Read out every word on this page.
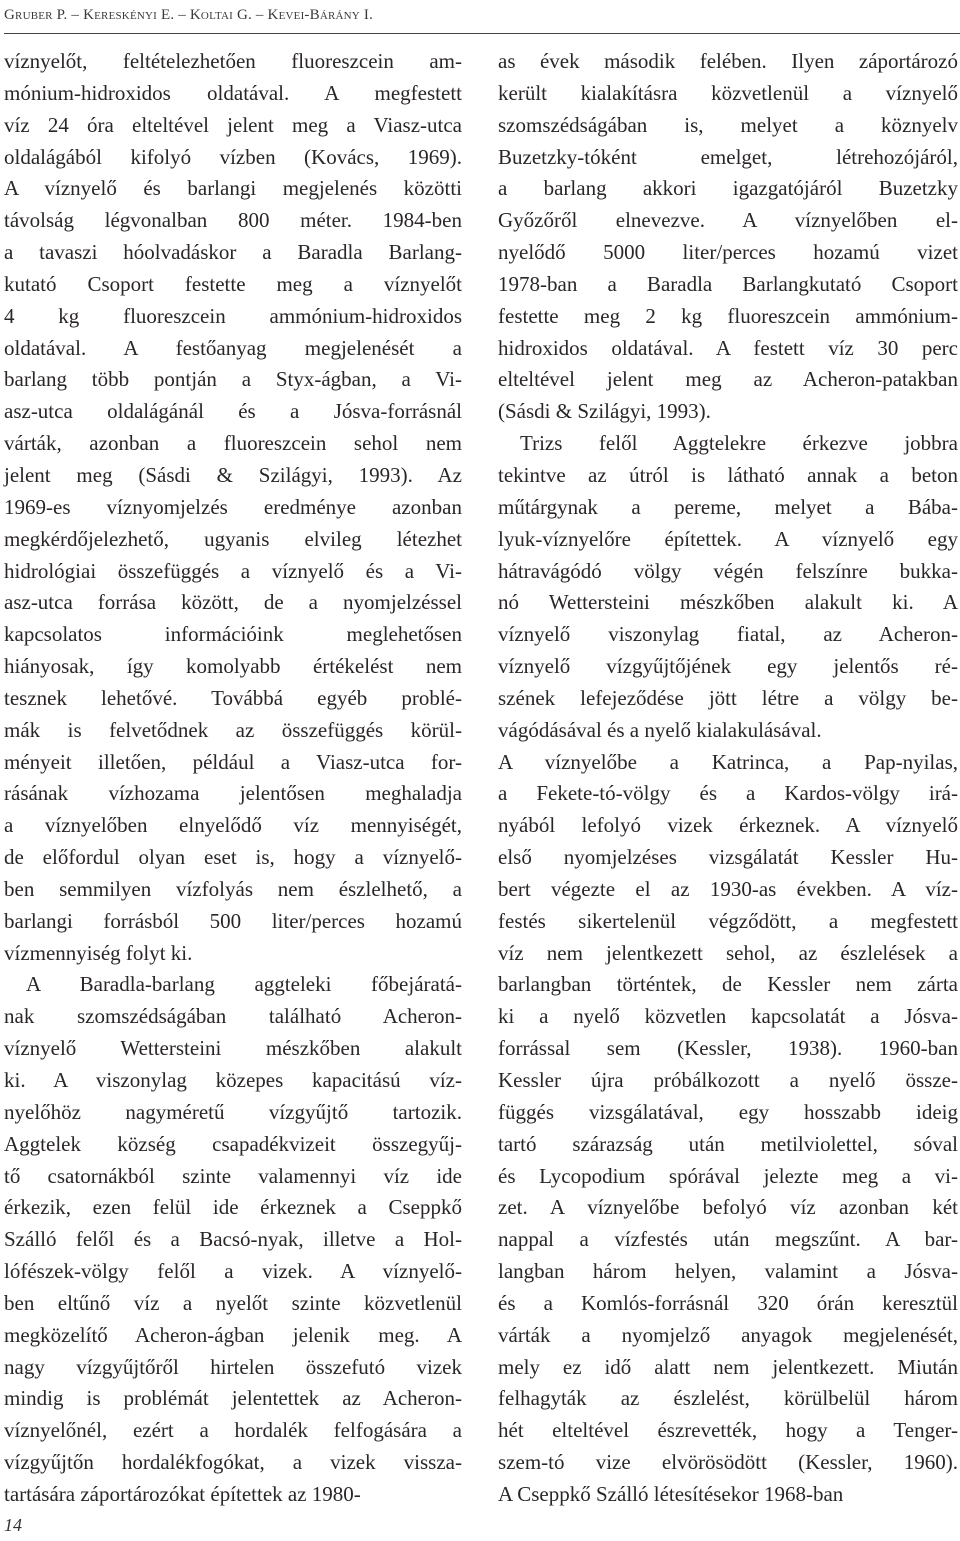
Gruber P. – Kereskényi E. – Koltai G. – Kevei-Bárány I.
víznyelőt, feltételezhetően fluoreszcein am-
mónium-hidroxidos oldatával. A megfestett
víz 24 óra elteltével jelent meg a Viasz-utca
oldalágából kifolyó vízben (Kovács, 1969).
A víznyelő és barlangi megjelenés közötti
távolság légvonalban 800 méter. 1984-ben
a tavaszi hóolvadáskor a Baradla Barlang-
kutató Csoport festette meg a víznyelőt
4 kg fluoreszcein ammónium-hidroxidos
oldatával. A festőanyag megjelenését a
barlang több pontján a Styx-ágban, a Vi-
asz-utca oldalágánál és a Jósva-forrásnál
várták, azonban a fluoreszcein sehol nem
jelent meg (Sásdi & Szilágyi, 1993). Az
1969-es víznyomjelzés eredménye azonban
megkérdőjelezhető, ugyanis elvileg létezhet
hidrológiai összefüggés a víznyelő és a Vi-
asz-utca forrása között, de a nyomjelzéssel
kapcsolatos információink meglehetősen
hiányosak, így komolyabb értékelést nem
tesznek lehetővé. Továbbá egyéb problé-
mák is felvetődnek az összefüggés körül-
ményeit illetően, például a Viasz-utca for-
rásának vízhozama jelentősen meghaladja
a víznyelőben elnyelődő víz mennyiségét,
de előfordul olyan eset is, hogy a víznyelő-
ben semmilyen vízfolyás nem észlelhető, a
barlangi forrásból 500 liter/perces hozamú
vízmennyiség folyt ki.
A Baradla-barlang aggteleki főbejáratá-
nak szomszédságában található Acheron-
víznyelő Wettersteini mészkőben alakult
ki. A viszonylag közepes kapacitású víz-
nyelőhöz nagyméretű vízgyűjtő tartozik.
Aggtelek község csapadékvizeit összegyűj-
tő csatornákból szinte valamennyi víz ide
érkezik, ezen felül ide érkeznek a Cseppkő
Szálló felől és a Bacsó-nyak, illetve a Hol-
lófészek-völgy felől a vizek. A víznyelő-
ben eltűnő víz a nyelőt szinte közvetlenül
megközelítő Acheron-ágban jelenik meg. A
nagy vízgyűjtőről hirtelen összefutó vizek
mindig is problémát jelentettek az Acheron-
víznyelőnél, ezért a hordalék felfogására a
vízgyűjtőn hordalékfogókat, a vizek vissza-
tartására záportározókat építettek az 1980-
as évek második felében. Ilyen záportározó
került kialakításra közvetlenül a víznyelő
szomszédságában is, melyet a köznyelv
Buzetzky-tóként emelget, létrehozójáról,
a barlang akkori igazgatójáról Buzetzky
Győzőről elnevezve. A víznyelőben el-
nyelődő 5000 liter/perces hozamú vizet
1978-ban a Baradla Barlangkutató Csoport
festette meg 2 kg fluoreszcein ammónium-
hidroxidos oldatával. A festett víz 30 perc
elteltével jelent meg az Acheron-patakban
(Sásdi & Szilágyi, 1993).
Trizs felől Aggtelekre érkezve jobbra
tekintve az útról is látható annak a beton
műtárgynak a pereme, melyet a Bába-
lyuk-víznyelőre építettek. A víznyelő egy
hátravágódó völgy végén felszínre bukka-
nó Wettersteini mészkőben alakult ki. A
víznyelő viszonylag fiatal, az Acheron-
víznyelő vízgyűjtőjének egy jelentős ré-
szének lefejeződése jött létre a völgy be-
vágódásával és a nyelő kialakulásával.
A víznyelőbe a Katrinca, a Pap-nyilas,
a Fekete-tó-völgy és a Kardos-völgy irá-
nyából lefolyó vizek érkeznek. A víznyelő
első nyomjelzéses vizsgálatát Kessler Hu-
bert végezte el az 1930-as években. A víz-
festés sikertelenül végződött, a megfestett
víz nem jelentkezett sehol, az észlelések a
barlangban történtek, de Kessler nem zárta
ki a nyelő közvetlen kapcsolatát a Jósva-
forrással sem (Kessler, 1938). 1960-ban
Kessler újra próbálkozott a nyelő össze-
függés vizsgálatával, egy hosszabb ideig
tartó szárazság után metilviolettel, sóval
és Lycopodium spórával jelezte meg a vi-
zet. A víznyelőbe befolyó víz azonban két
nappal a vízfestés után megszűnt. A bar-
langban három helyen, valamint a Jósva-
és a Komlós-forrásnál 320 órán keresztül
várták a nyomjelző anyagok megjelenését,
mely ez idő alatt nem jelentkezett. Miután
felhagyták az észlelést, körülbelül három
hét elteltével észrevették, hogy a Tenger-
szem-tó vize elvörösödött (Kessler, 1960).
A Cseppkő Szálló létesítésekor 1968-ban
14
